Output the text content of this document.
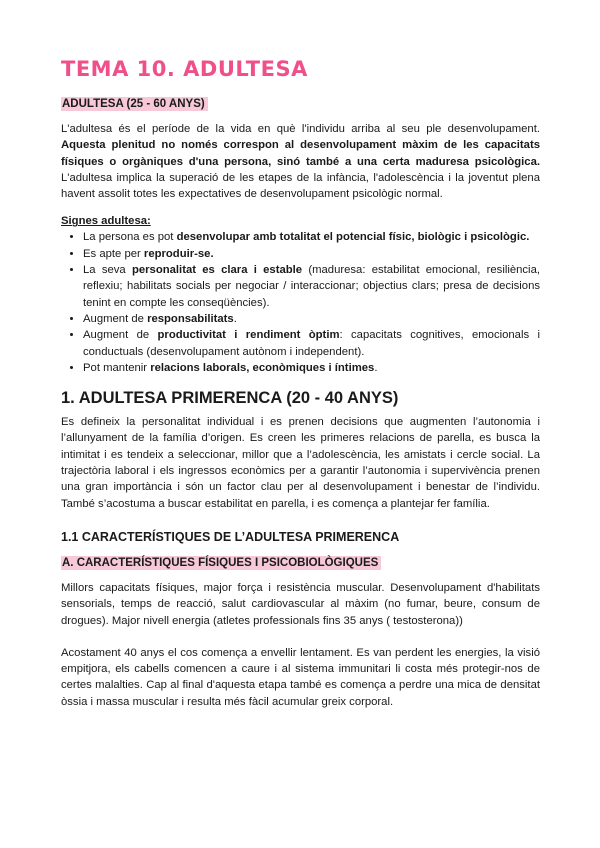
TEMA 10. ADULTESA
ADULTESA (25 - 60 ANYS)

L'adultesa és el període de la vida en què l'individu arriba al seu ple desenvolupament. Aquesta plenitud no només correspon al desenvolupament màxim de les capacitats físiques o orgàniques d'una persona, sinó també a una certa maduresa psicològica. L'adultesa implica la superació de les etapes de la infància, l'adolescència i la joventut plena havent assolit totes les expectatives de desenvolupament psicològic normal.

Signes adultesa:
• La persona es pot desenvolupar amb totalitat el potencial físic, biològic i psicològic.
• Es apte per reproduir-se.
• La seva personalitat es clara i estable (maduresa: estabilitat emocional, resiliència, reflexiu; habilitats socials per negociar / interaccionar; objectius clars; presa de decisions tenint en compte les conseqüències).
• Augment de responsabilitats.
• Augment de productivitat i rendiment òptim: capacitats cognitives, emocionals i conductuals (desenvolupament autònom i independent).
• Pot mantenir relacions laborals, econòmiques i íntimes.
1. ADULTESA PRIMERENCA (20 - 40 ANYS)

Es defineix la personalitat individual i es prenen decisions que augmenten l’autonomia i l’allunyament de la família d’origen. Es creen les primeres relacions de parella, es busca la intimitat i es tendeix a seleccionar, millor que a l’adolescència, les amistats i cercle social. La trajectòria laboral i els ingressos econòmics per a garantir l’autonomia i supervivència prenen una gran importància i són un factor clau per al desenvolupament i benestar de l’individu. També s’acostuma a buscar estabilitat en parella, i es comença a plantejar fer família.

1.1 CARACTERÍSTIQUES DE L’ADULTESA PRIMERENCA
A. CARACTERÍSTIQUES FÍSIQUES I PSICOBIOLÒGIQUES

Millors capacitats físiques, major força i resistència muscular. Desenvolupament d'habilitats sensorials, temps de reacció, salut cardiovascular al màxim (no fumar, beure, consum de drogues). Major nivell energia (atletes professionals fins 35 anys ( testosterona))

Acostament 40 anys el cos comença a envellir lentament. Es van perdent les energies, la visió empitjora, els cabells comencen a caure i al sistema immunitari li costa més protegir-nos de certes malalties. Cap al final d'aquesta etapa també es comença a perdre una mica de densitat òssia i massa muscular i resulta més fàcil acumular greix corporal.
